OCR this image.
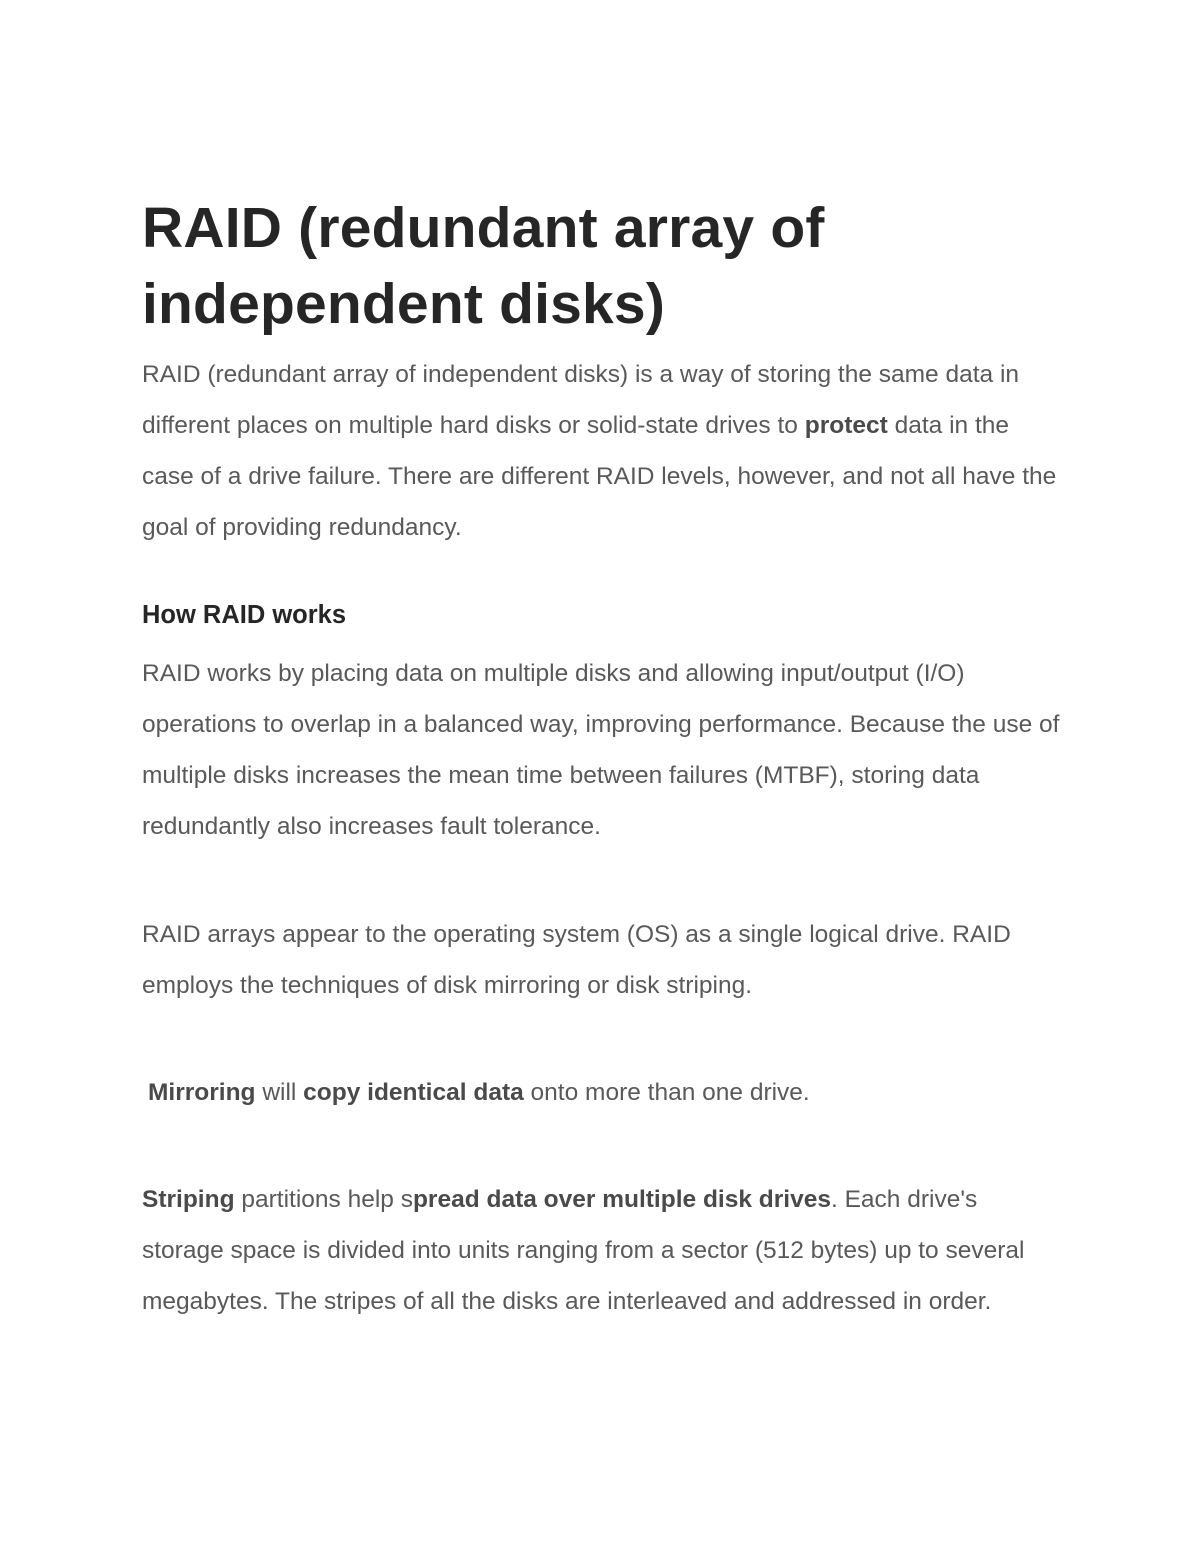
RAID (redundant array of independent disks)

RAID (redundant array of independent disks) is a way of storing the same data in different places on multiple hard disks or solid-state drives to protect data in the case of a drive failure. There are different RAID levels, however, and not all have the goal of providing redundancy.

How RAID works

RAID works by placing data on multiple disks and allowing input/output (I/O) operations to overlap in a balanced way, improving performance. Because the use of multiple disks increases the mean time between failures (MTBF), storing data redundantly also increases fault tolerance.

RAID arrays appear to the operating system (OS) as a single logical drive. RAID employs the techniques of disk mirroring or disk striping.

Mirroring will copy identical data onto more than one drive.

Striping partitions help spread data over multiple disk drives. Each drive's storage space is divided into units ranging from a sector (512 bytes) up to several megabytes. The stripes of all the disks are interleaved and addressed in order.
